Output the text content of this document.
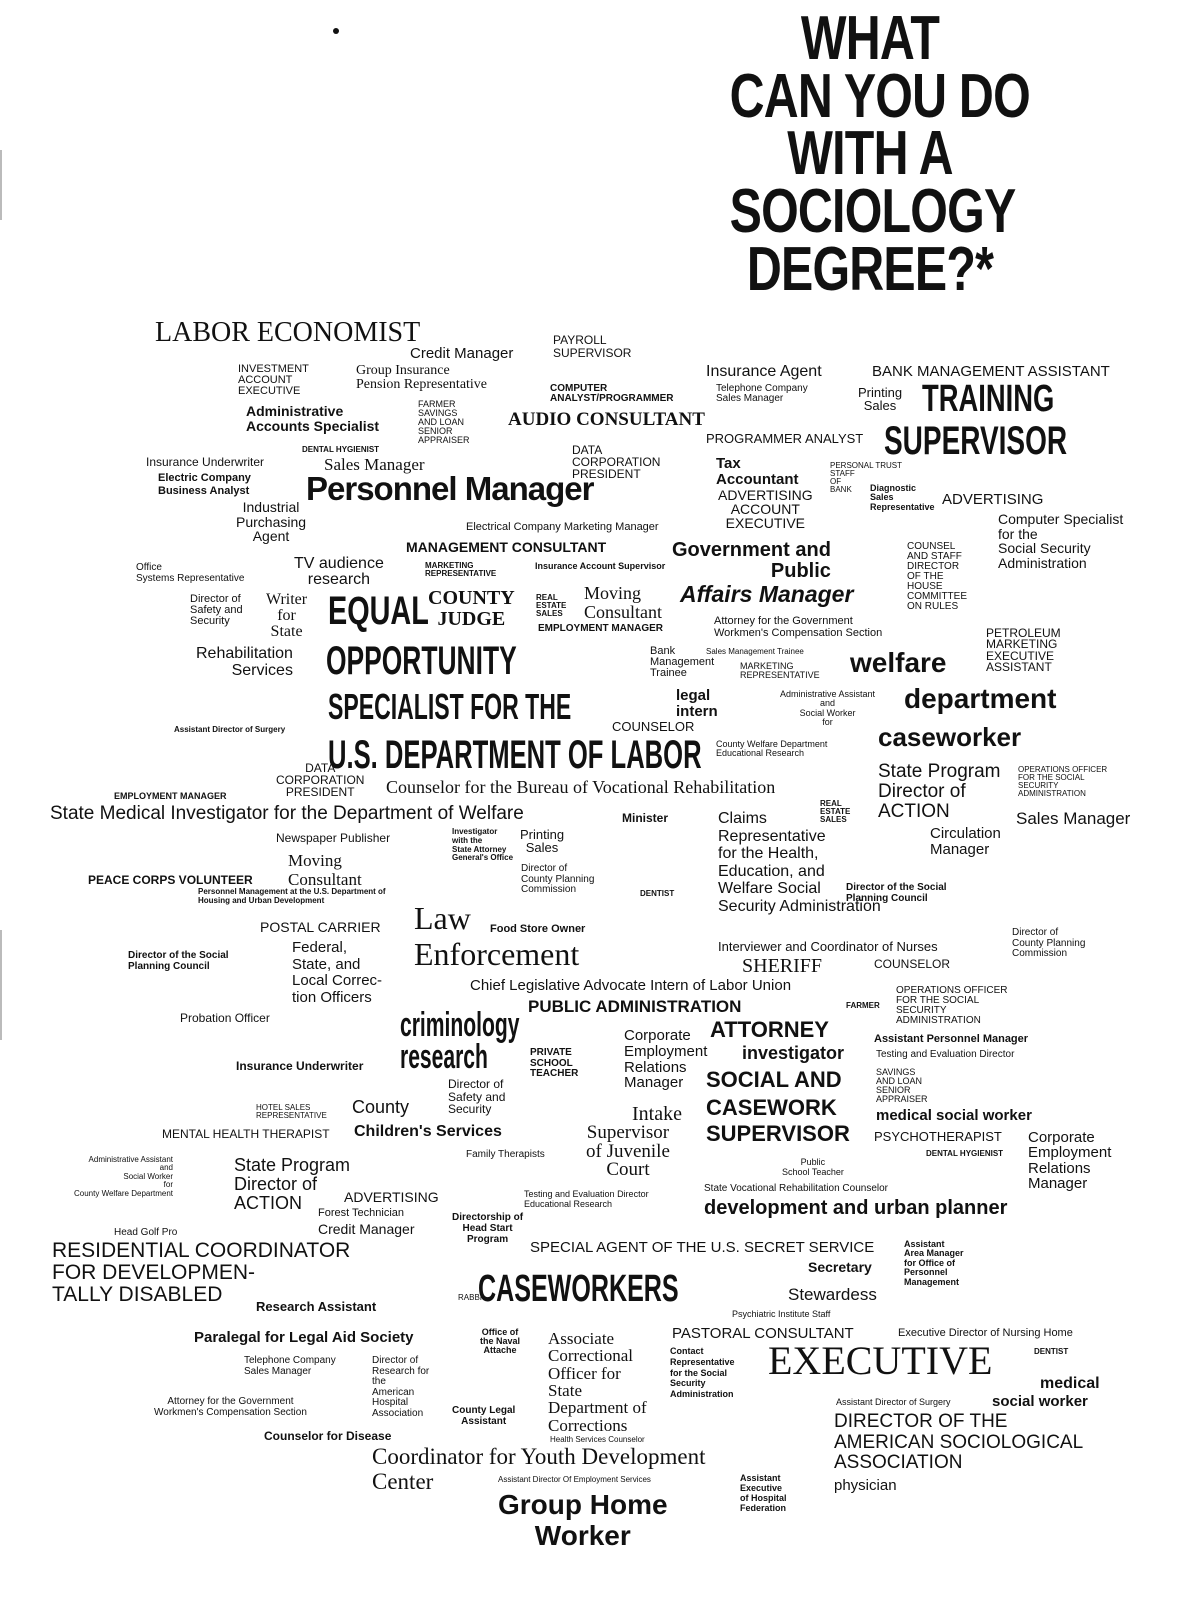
WHAT
CAN YOU DO
WITH A
SOCIOLOGY
DEGREE?*
LABOR ECONOMIST
Credit Manager
PAYROLL
SUPERVISOR
Insurance Agent	BANK MANAGEMENT ASSISTANT
INVESTMENT
ACCOUNT
EXECUTIVE
Group Insurance
Pension Representative	COMPUTER
ANALYST/PROGRAMMER
Telephone Company
Sales Manager	Printing
Sales TRAINING
Administrative
Accounts Specialist
FARMER
SAVINGS
AND LOAN
SENIOR
APPRAISER
AUDIO CONSULTANT
PROGRAMMER ANALYST SUPERVISOR
DENTAL HYGIENIST	DATA
CORPORATION
PRESIDENT
Tax
Accountant
PERSONAL TRUST
STAFF
OF
BANK
Insurance Underwriter	Sales Manager
Electric Company
Business Analyst Personnel Manager	ADVERTISING
ACCOUNT
EXECUTIVE
Diagnostic
Sales
Representative ADVERTISING
Industrial
Purchasing
Agent
Electrical Company Marketing Manager	Computer Specialist
for the
Social Security
Administration
MANAGEMENT CONSULTANT	Government and
Public
COUNSEL
AND STAFF
DIRECTOR
OF THE
HOUSE
COMMITTEE
ON RULES
Office
Systems Representative
TV audience
research
MARKETING
REPRESENTATIVE
Insurance Account Supervisor
Director of
Safety and
Security
Writer
for
State EQUAL COUNTY
JUDGE
REAL
ESTATE
SALES
Moving
Consultant
EMPLOYMENT MANAGER
Affairs Manager
Attorney for the Government
Workmen's Compensation Section	PETROLEUM
MARKETING
EXECUTIVE
ASSISTANT
Rehabilitation
Services OPPORTUNITY	Bank
Management
Trainee
Sales Management Trainee
MARKETING
REPRESENTATIVE welfare
SPECIALIST FOR THE	legal
intern
Administrative Assistant
and
Social Worker
for
department
Assistant Director of Surgery	COUNSELOR
U.S. DEPARTMENT OF LABOR County Welfare Department
Educational Research
caseworker
DATA
CORPORATION
PRESIDENT	Counselor for the Bureau of Vocational Rehabilitation
State Program
Director of
ACTION
OPERATIONS OFFICER
FOR THE SOCIAL
SECURITY
ADMINISTRATION
EMPLOYMENT MANAGER
State Medical Investigator for the Department of Welfare	Minister	Claims
Representative
for the Health,
Education, and
Welfare Social
Security Administration
REAL
ESTATE
SALES	Sales Manager
Newspaper Publisher	Investigator
with the
State Attorney
General's Office
Printing
Sales
Circulation
Manager
Moving
Consultant
Director of
County Planning
Commission
PEACE CORPS VOLUNTEER
DENTIST
Director of the Social
Planning Council
Personnel Management at the U.S. Department of
Housing and Urban Development
POSTAL CARRIER Law Food Store Owner
Interviewer and Coordinator of Nurses
Director of
County Planning
Commission
Director of the Social
Planning Council
Federal,
State, and
Local Correc-
tion Officers
Enforcement	SHERIFF	COUNSELOR
Chief Legislative Advocate Intern of Labor Union	OPERATIONS OFFICER
FOR THE SOCIAL
SECURITY
ADMINISTRATION
Probation Officer
PUBLIC ADMINISTRATION	FARMER
criminology	Corporate
Employment
Relations
Manager
ATTORNEY	Assistant Personnel Manager
research	PRIVATE
SCHOOL
TEACHER
investigator	Testing and Evaluation Director
Insurance Underwriter
SOCIAL AND	SAVINGS
AND LOAN
SENIOR
APPRAISER
Director of
Safety and
Security
HOTEL SALES
REPRESENTATIVE County	Intake CASEWORK	medical social worker
MENTAL HEALTH THERAPIST Children's Services	Supervisor
of Juvenile
Court
SUPERVISOR PSYCHOTHERAPIST Corporate
Employment
Relations
Manager
Administrative Assistant
and
Social Worker
for
County Welfare Department
State Program
Director of
ACTION
Family Therapists	DENTAL HYGIENIST
Public
School Teacher
ADVERTISING	Testing and Evaluation Director
Educational Research
State Vocational Rehabilitation Counselor
Forest Technician	development and urban planner
Credit Manager
Head Golf Pro
RESIDENTIAL COORDINATOR
FOR DEVELOPMEN-
TALLY DISABLED
Directorship of
Head Start
Program	SPECIAL AGENT OF THE U.S. SECRET SERVICE	Assistant
Area Manager
for Office of
Personnel
Management
RABBI
CASEWORKERS
Secretary
Stewardess
Research Assistant	Psychiatric Institute Staff
PASTORAL CONSULTANT	Executive Director of Nursing Home
Paralegal for Legal Aid Society	Office of
the Naval
Attache
Associate
Correctional
Officer for
State
Department of
Corrections
Contact
Representative
for the Social
Security
Administration
EXECUTIVE	DENTIST
Telephone Company
Sales Manager
Director of
Research for
the
American
Hospital
Association
medical
Attorney for the Government
Workmen's Compensation Section	County Legal
Assistant
Assistant Director of Surgery	social worker
DIRECTOR OF THE
AMERICAN SOCIOLOGICAL
ASSOCIATION
Counselor for Disease	Health Services Counselor
Coordinator for Youth Development
Center	Assistant Director Of Employment Services	Assistant
Executive
of Hospital
Federation
physician
Group Home
Worker
